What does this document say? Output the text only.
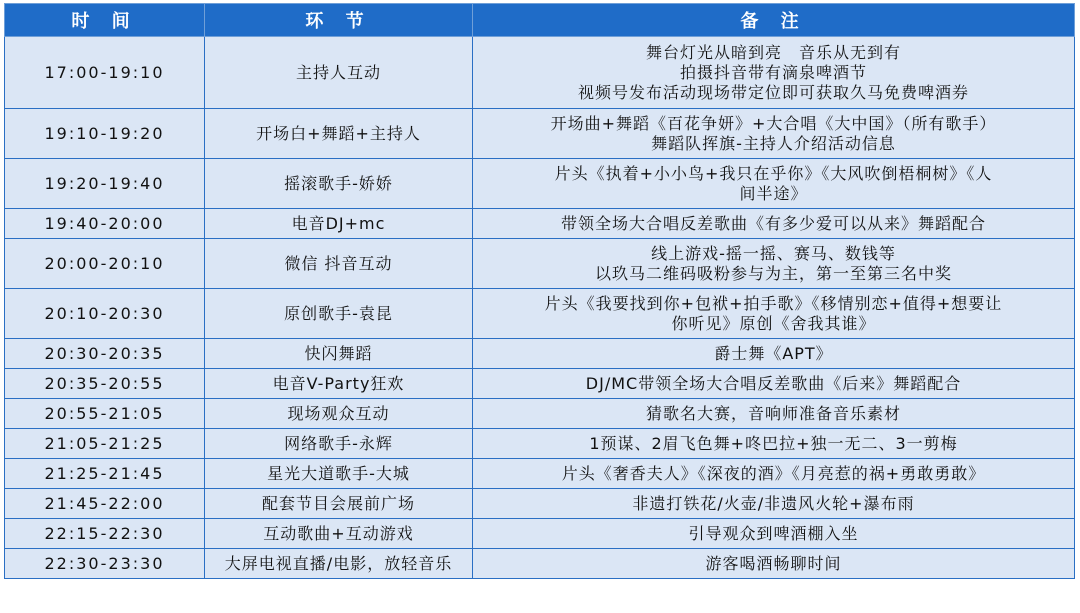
时 间	环 节	备 注
17:00-19:10	主持人互动	舞台灯光从暗到亮　音乐从无到有
拍摄抖音带有滴泉啤酒节
视频号发布活动现场带定位即可获取久马免费啤酒券

19:10-19:20	开场白+舞蹈+主持人	开场曲+舞蹈《百花争妍》+大合唱《大中国》（所有歌手）
舞蹈队挥旗-主持人介绍活动信息

19:20-19:40	摇滚歌手-娇娇	片头《执着+小小鸟+我只在乎你》《大风吹倒梧桐树》《人
间半途》

19:40-20:00	电音DJ+mc	带领全场大合唱反差歌曲《有多少爱可以从来》舞蹈配合

20:00-20:10	微信 抖音互动	线上游戏-摇一摇、赛马、数钱等
以玖马二维码吸粉参与为主，第一至第三名中奖

20:10-20:30	原创歌手-袁昆	片头《我要找到你+包袱+拍手歌》《移情别恋+值得+想要让
你听见》原创《舍我其谁》

20:30-20:35	快闪舞蹈	爵士舞《APT》

20:35-20:55	电音V-Party狂欢	DJ/MC带领全场大合唱反差歌曲《后来》舞蹈配合

20:55-21:05	现场观众互动	猜歌名大赛，音响师准备音乐素材

21:05-21:25	网络歌手-永辉	1预谋、2眉飞色舞+咚巴拉+独一无二、3一剪梅

21:25-21:45	星光大道歌手-大城	片头《奢香夫人》《深夜的酒》《月亮惹的祸+勇敢勇敢》

21:45-22:00	配套节目会展前广场	非遗打铁花/火壶/非遗风火轮+瀑布雨

22:15-22:30	互动歌曲+互动游戏	引导观众到啤酒棚入坐

22:30-23:30	大屏电视直播/电影，放轻音乐	游客喝酒畅聊时间
